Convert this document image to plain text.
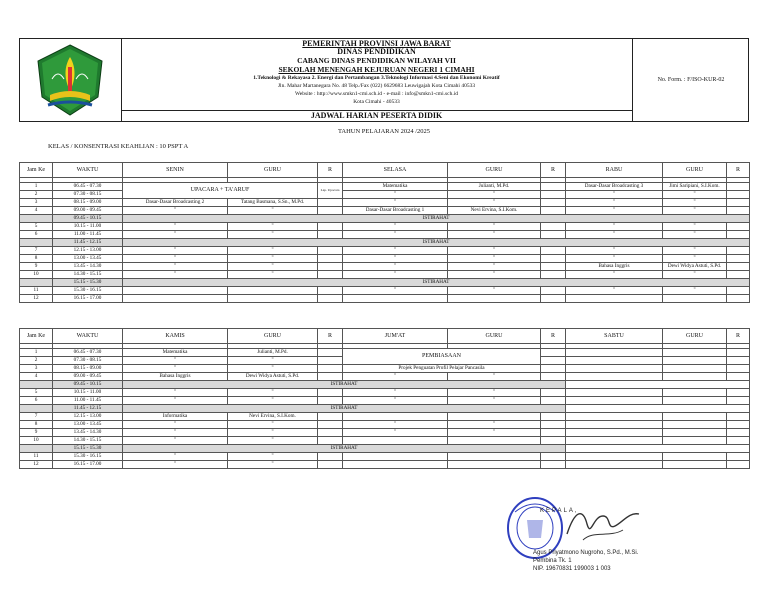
PEMERINTAH PROVINSI JAWA BARAT
DINAS PENDIDIKAN
CABANG DINAS PENDIDIKAN WILAYAH VII
SEKOLAH MENENGAH KEJURUAN NEGERI 1 CIMAHI
1.Teknologi & Rekayasa 2. Energi dan Pertambangan 3.Teknologi Informasi 4.Seni dan Ekonomi Kreatif
Jln. Mahar Martanegara No. 48 Telp./Fax (022) 6629683 Leuwigajah Kota Cimahi 40533
Website : http://www.smkn1-cmi.sch.id - e-mail : info@smkn1-cmi.sch.id
Kota Cimahi - 40533
JADWAL HARIAN PESERTA DIDIK
No. Form. : F/ISO-KUR-02
TAHUN PELAJARAN 2024 /2025
KELAS / KONSENTRASI KEAHLIAN : 10 PSPT A
Jam Ke	WAKTU	SENIN	GURU	R	SELASA	GURU	R	RABU	GURU	R

1	06.45 - 07.30	UPACARA + TA'ARUF		Lap. Upacara	Matematika	Julianti, M.Pd.		Dasar-Dasar Broadcasting 3	Jimi Saripiani, S.I.Kom.	
2	07.30 - 08.15				"	"		"	"	
3	08.15 - 09.00	Dasar-Dasar Broadcasting 2	Tatang Basmana, S.Sn., M.Pd.		"	"		"	"	
4	09.00 - 09.45	"	"		Dasar-Dasar Broadcasting 1	Nevi Ervina, S.I.Kom.		"	"	
	09.45 - 10.15	ISTIRAHAT								
5	10.15 - 11.00	"	"		"	"		"	"	
6	11.00 - 11.45	"	"		"	"		"	"	
	11.45 - 12.15	ISTIRAHAT								
7	12.15 - 13.00	"	"		"	"		"	"	
8	13.00 - 13.45	"	"		"	"		"	"	
9	13.45 - 14.30	"	"		"	"		Bahasa Inggris	Dewi Widya Astuti, S.Pd.	
10	14.30 - 15.15	"	"		"	"		"	"	
	15.15 - 15.30	ISTIRAHAT								
11	15.30 - 16.15				"	"		"	"	
12	16.15 - 17.00									
Jam Ke	WAKTU	KAMIS	GURU	R	JUM'AT	GURU	R	SABTU	GURU	R

1	06.45 - 07.30	Matematika	Julianti, M.Pd.		PEMBIASAAN					
2	07.30 - 08.15	"	"							
3	08.15 - 09.00	"	"		Projek Penguatan Profil Pelajar Pancasila					
4	09.00 - 09.45	Bahasa Inggris	Dewi Widya Astuti, S.Pd.		"	"				
	09.45 - 10.15	ISTIRAHAT								
5	10.15 - 11.00	"	"		"	"				
6	11.00 - 11.45	"	"		"	"				
	11.45 - 12.15	ISTIRAHAT								
7	12.15 - 13.00	Informatika	Nevi Ervina, S.I.Kom.							
8	13.00 - 13.45	"	"		"	"				
9	13.45 - 14.30	"	"		"	"				
10	14.30 - 15.15	"	"							
	15.15 - 15.30	ISTIRAHAT								
11	15.30 - 16.15	"	"							
12	16.15 - 17.00	"	"							
KEPALA,
Agus Priyatmono Nugroho, S.Pd., M.Si.
Pembina Tk. 1
NIP. 19670831 199003 1 003
